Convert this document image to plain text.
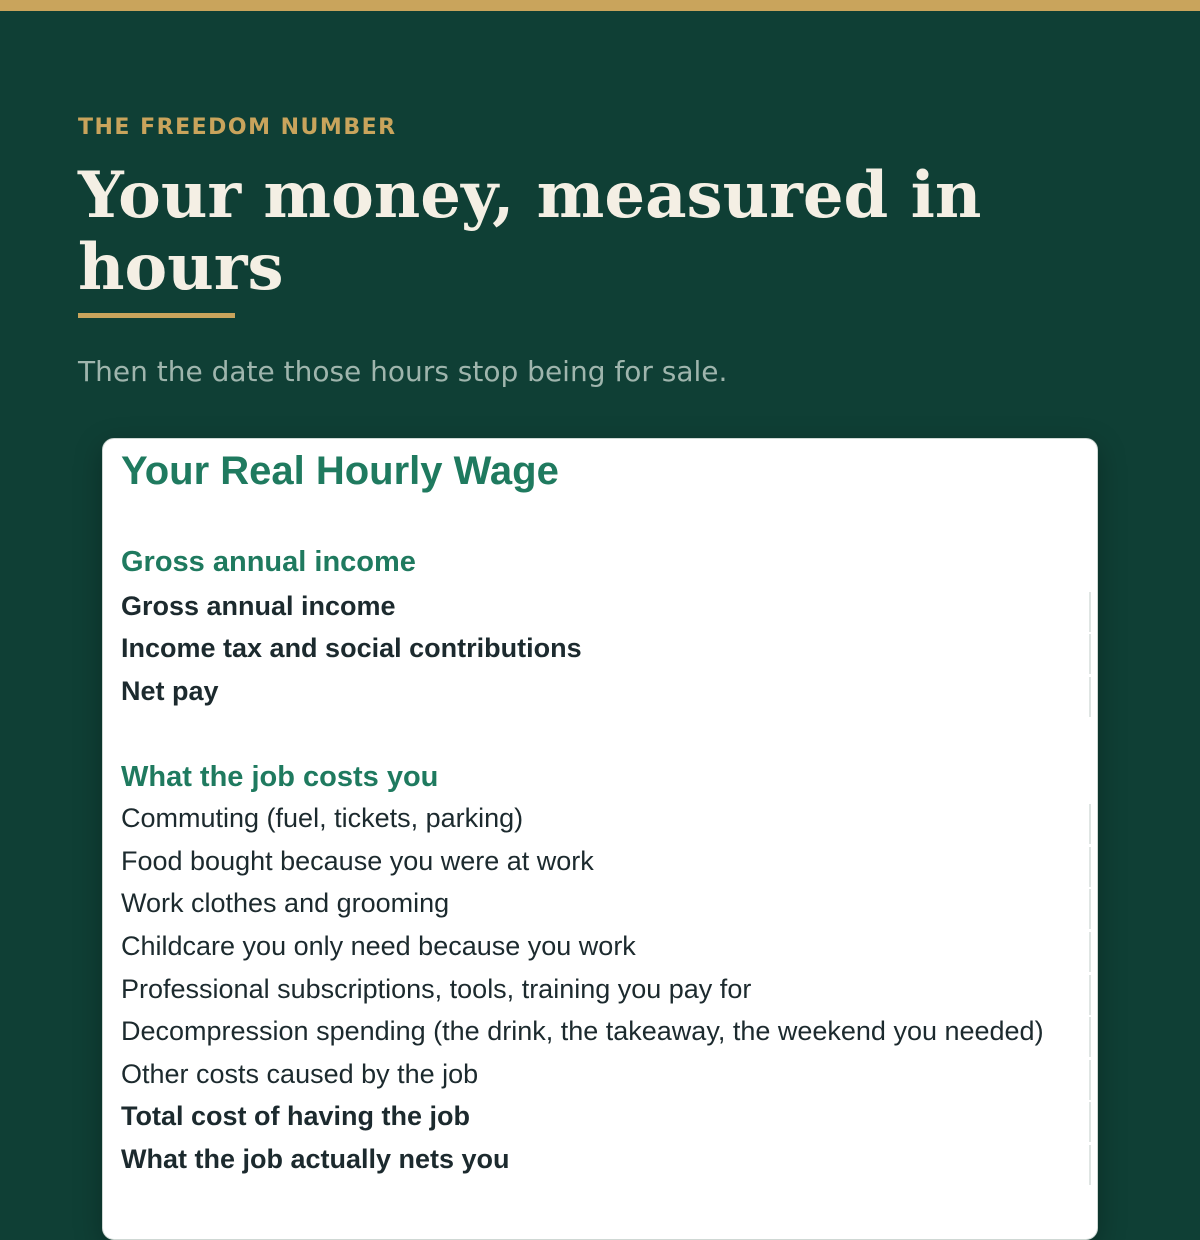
THE FREEDOM NUMBER
Your money, measured in hours
Then the date those hours stop being for sale.
Your Real Hourly Wage
Gross annual income
Gross annual income
Income tax and social contributions
Net pay
What the job costs you
Commuting (fuel, tickets, parking)
Food bought because you were at work
Work clothes and grooming
Childcare you only need because you work
Professional subscriptions, tools, training you pay for
Decompression spending (the drink, the takeaway, the weekend you needed)
Other costs caused by the job
Total cost of having the job
What the job actually nets you
